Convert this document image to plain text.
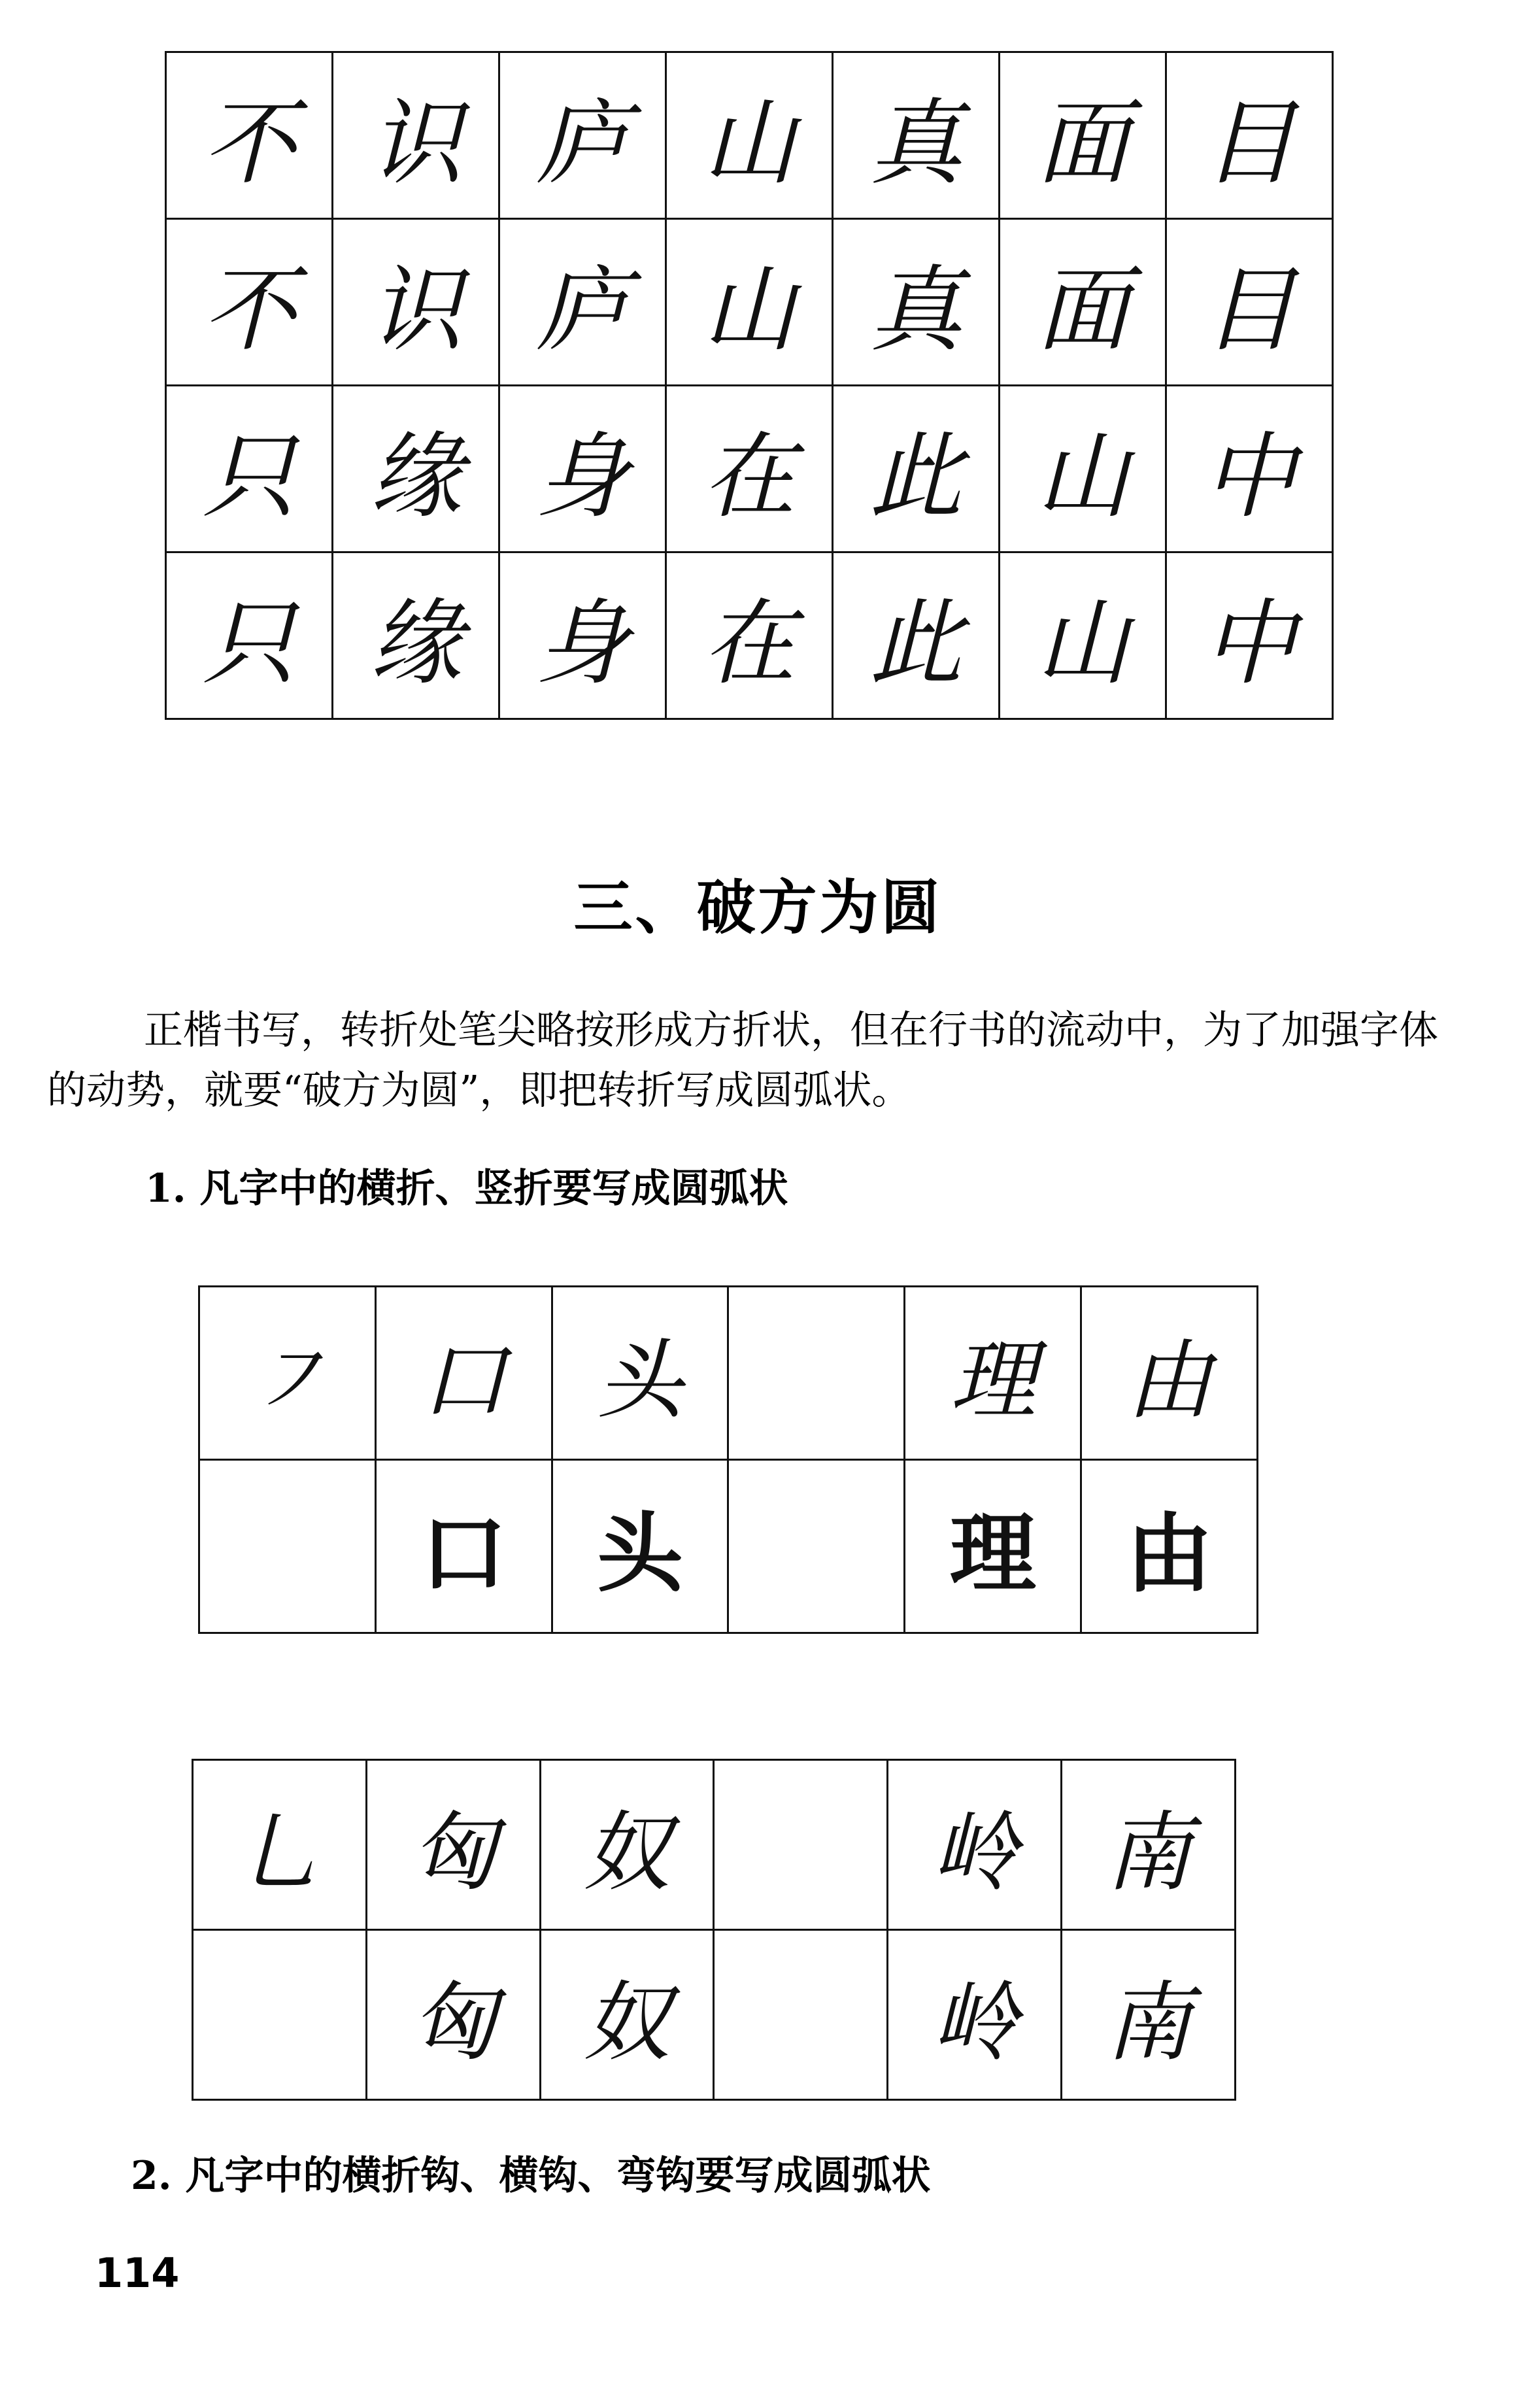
不	识	庐	山	真	面	目
不	识	庐	山	真	面	目
只	缘	身	在	此	山	中
只	缘	身	在	此	山	中
三、破方为圆
正楷书写，转折处笔尖略按形成方折状，但在行书的流动中，为了加强字体的动势，就要“破方为圆”，即把转折写成圆弧状。
1. 凡字中的横折、竖折要写成圆弧状
㇇	口	头		理	由
	口	头		理	由
乚	匈	奴		岭	南
	匈	奴		岭	南
2. 凡字中的横折钩、横钩、弯钩要写成圆弧状
114
